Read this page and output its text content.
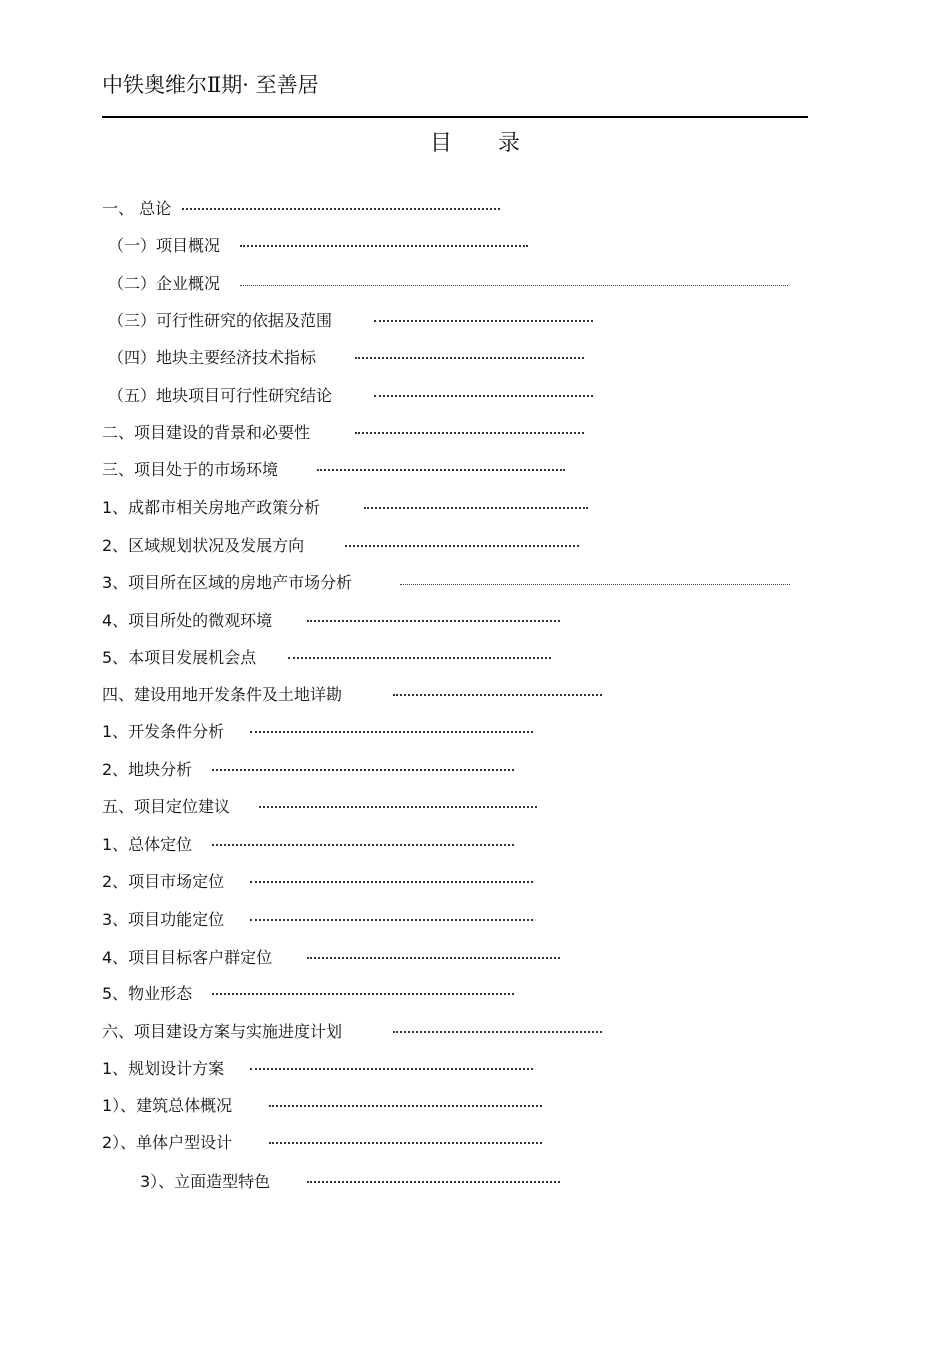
中铁奥维尔Ⅱ期· 至善居
目录
一、 总论
（一）项目概况
（二）企业概况
（三）可行性研究的依据及范围
（四）地块主要经济技术指标
（五）地块项目可行性研究结论
二、项目建设的背景和必要性
三、项目处于的市场环境
1、成都市相关房地产政策分析
2、区域规划状况及发展方向
3、项目所在区域的房地产市场分析
4、项目所处的微观环境
5、本项目发展机会点
四、建设用地开发条件及土地详勘
1、开发条件分析
2、地块分析
五、项目定位建议
1、总体定位
2、项目市场定位
3、项目功能定位
4、项目目标客户群定位
5、物业形态
六、项目建设方案与实施进度计划
1、规划设计方案
1）、建筑总体概况
2）、单体户型设计
3）、立面造型特色
